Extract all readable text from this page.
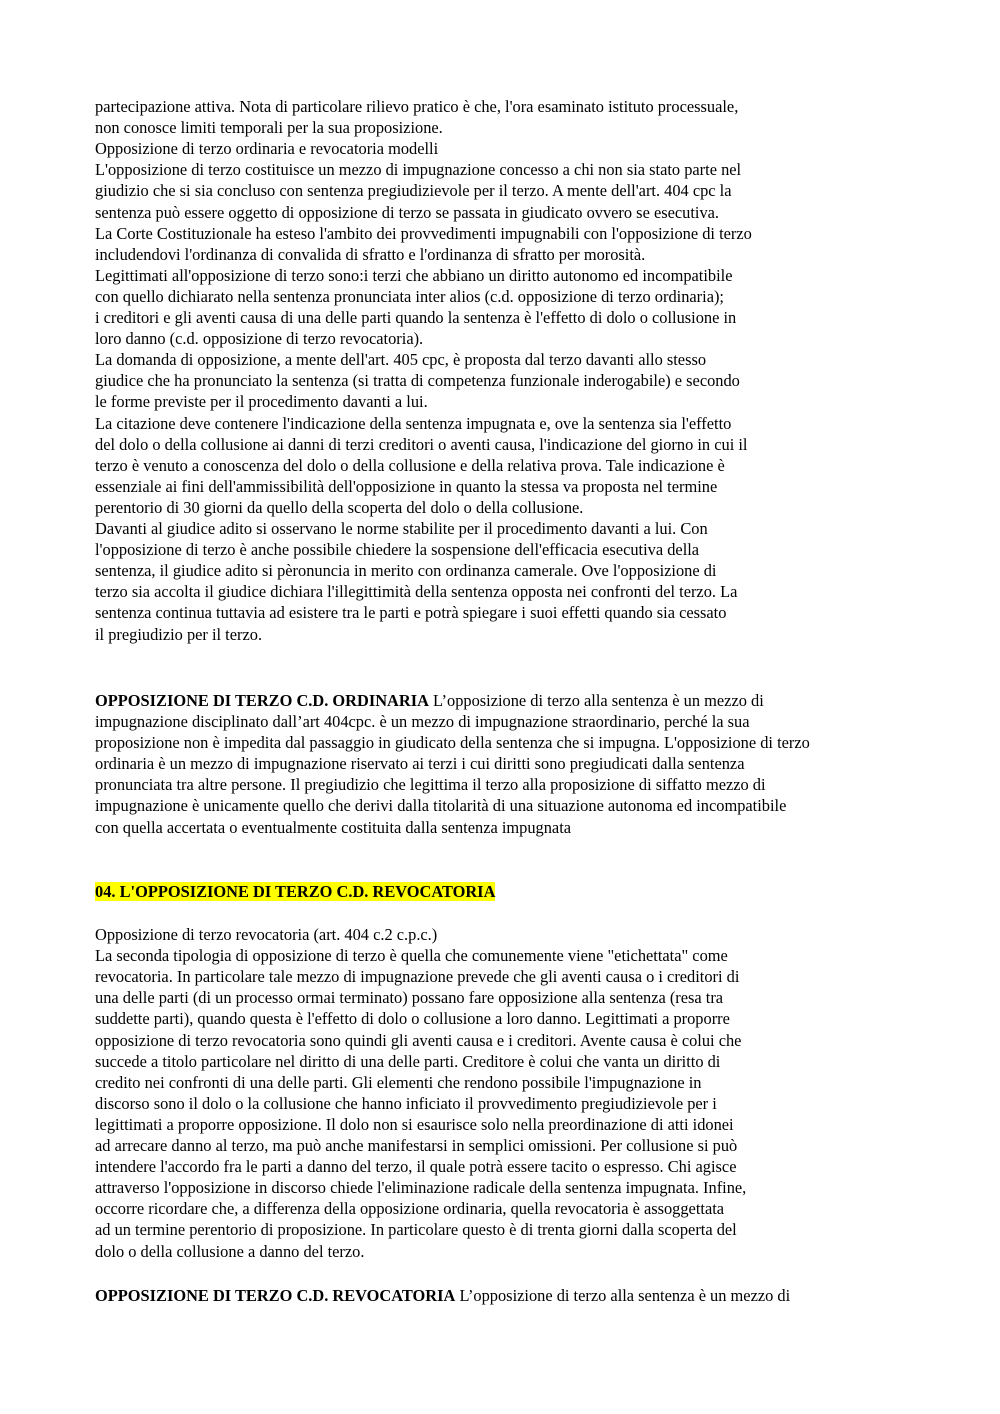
partecipazione attiva. Nota di particolare rilievo pratico è che, l'ora esaminato istituto processuale,
non conosce limiti temporali per la sua proposizione.
Opposizione di terzo ordinaria e revocatoria modelli
L'opposizione di terzo costituisce un mezzo di impugnazione concesso a chi non sia stato parte nel
giudizio che si sia concluso con sentenza pregiudizievole per il terzo. A mente dell'art. 404 cpc la
sentenza può essere oggetto di opposizione di terzo se passata in giudicato ovvero se esecutiva.
La Corte Costituzionale ha esteso l'ambito dei provvedimenti impugnabili con l'opposizione di terzo
includendovi l'ordinanza di convalida di sfratto e l'ordinanza di sfratto per morosità.
Legittimati all'opposizione di terzo sono:i terzi che abbiano un diritto autonomo ed incompatibile
con quello dichiarato nella sentenza pronunciata inter alios (c.d. opposizione di terzo ordinaria);
i creditori e gli aventi causa di una delle parti quando la sentenza è l'effetto di dolo o collusione in
loro danno (c.d. opposizione di terzo revocatoria).
La domanda di opposizione, a mente dell'art. 405 cpc, è proposta dal terzo davanti allo stesso
giudice che ha pronunciato la sentenza (si tratta di competenza funzionale inderogabile) e secondo
le forme previste per il procedimento davanti a lui.
La citazione deve contenere l'indicazione della sentenza impugnata e, ove la sentenza sia l'effetto
del dolo o della collusione ai danni di terzi creditori o aventi causa, l'indicazione del giorno in cui il
terzo è venuto a conoscenza del dolo o della collusione e della relativa prova. Tale indicazione è
essenziale ai fini dell'ammissibilità dell'opposizione in quanto la stessa va proposta nel termine
perentorio di 30 giorni da quello della scoperta del dolo o della collusione.
Davanti al giudice adito si osservano le norme stabilite per il procedimento davanti a lui. Con
l'opposizione di terzo è anche possibile chiedere la sospensione dell'efficacia esecutiva della
sentenza, il giudice adito si pèronuncia in merito con ordinanza camerale. Ove l'opposizione di
terzo sia accolta il giudice dichiara l'illegittimità della sentenza opposta nei confronti del terzo. La
sentenza continua tuttavia ad esistere tra le parti e potrà spiegare i suoi effetti quando sia cessato
il pregiudizio per il terzo.
OPPOSIZIONE DI TERZO C.D. ORDINARIA L’opposizione di terzo alla sentenza è un mezzo di
impugnazione disciplinato dall’art 404cpc. è un mezzo di impugnazione straordinario, perché la sua
proposizione non è impedita dal passaggio in giudicato della sentenza che si impugna. L'opposizione di terzo
ordinaria è un mezzo di impugnazione riservato ai terzi i cui diritti sono pregiudicati dalla sentenza
pronunciata tra altre persone. Il pregiudizio che legittima il terzo alla proposizione di siffatto mezzo di
impugnazione è unicamente quello che derivi dalla titolarità di una situazione autonoma ed incompatibile
con quella accertata o eventualmente costituita dalla sentenza impugnata
04. L'OPPOSIZIONE DI TERZO C.D. REVOCATORIA
Opposizione di terzo revocatoria (art. 404 c.2 c.p.c.)
La seconda tipologia di opposizione di terzo è quella che comunemente viene "etichettata" come
revocatoria. In particolare tale mezzo di impugnazione prevede che gli aventi causa o i creditori di
una delle parti (di un processo ormai terminato) possano fare opposizione alla sentenza (resa tra
suddette parti), quando questa è l'effetto di dolo o collusione a loro danno. Legittimati a proporre
opposizione di terzo revocatoria sono quindi gli aventi causa e i creditori. Avente causa è colui che
succede a titolo particolare nel diritto di una delle parti. Creditore è colui che vanta un diritto di
credito nei confronti di una delle parti. Gli elementi che rendono possibile l'impugnazione in
discorso sono il dolo o la collusione che hanno inficiato il provvedimento pregiudizievole per i
legittimati a proporre opposizione. Il dolo non si esaurisce solo nella preordinazione di atti idonei
ad arrecare danno al terzo, ma può anche manifestarsi in semplici omissioni. Per collusione si può
intendere l'accordo fra le parti a danno del terzo, il quale potrà essere tacito o espresso. Chi agisce
attraverso l'opposizione in discorso chiede l'eliminazione radicale della sentenza impugnata. Infine,
occorre ricordare che, a differenza della opposizione ordinaria, quella revocatoria è assoggettata
ad un termine perentorio di proposizione. In particolare questo è di trenta giorni dalla scoperta del
dolo o della collusione a danno del terzo.
OPPOSIZIONE DI TERZO C.D. REVOCATORIA L’opposizione di terzo alla sentenza è un mezzo di
